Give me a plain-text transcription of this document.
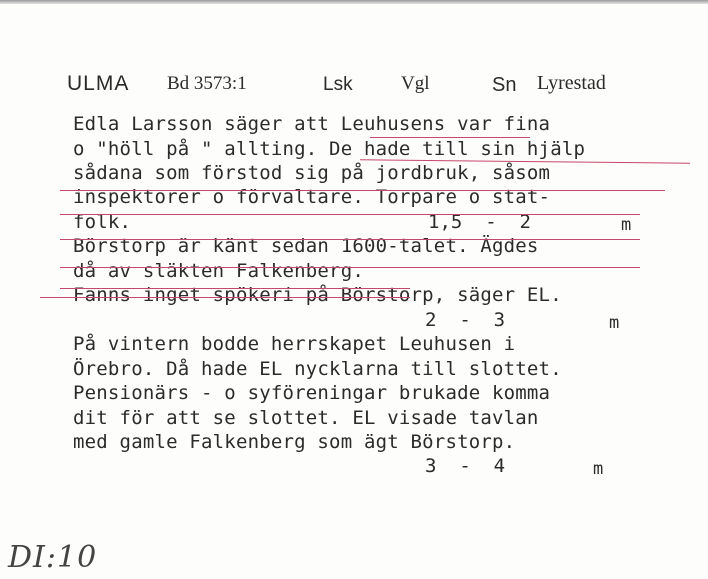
ULMA Bd 3573:1	Lsk	Vgl	Sn Lyrestad
Edla Larsson säger att Leuhusens var fina
o "höll på " allting. De hade till sin hjälp
sådana som förstod sig på jordbruk, såsom
inspektorer o förvaltare. Torpare o stat-
folk.
Börstorp är känt sedan 1600-talet. Ägdes
då av släkten Falkenberg.
Fanns inget spökeri på Börstorp, säger EL.
På vintern bodde herrskapet Leuhusen i
Örebro. Då hade EL nycklarna till slottet.
Pensionärs - o syföreningar brukade komma
dit för att se slottet. EL visade tavlan
med gamle Falkenberg som ägt Börstorp.
1,5  -  2	m
2  -  3	m
3  -  4	m
DI:10
